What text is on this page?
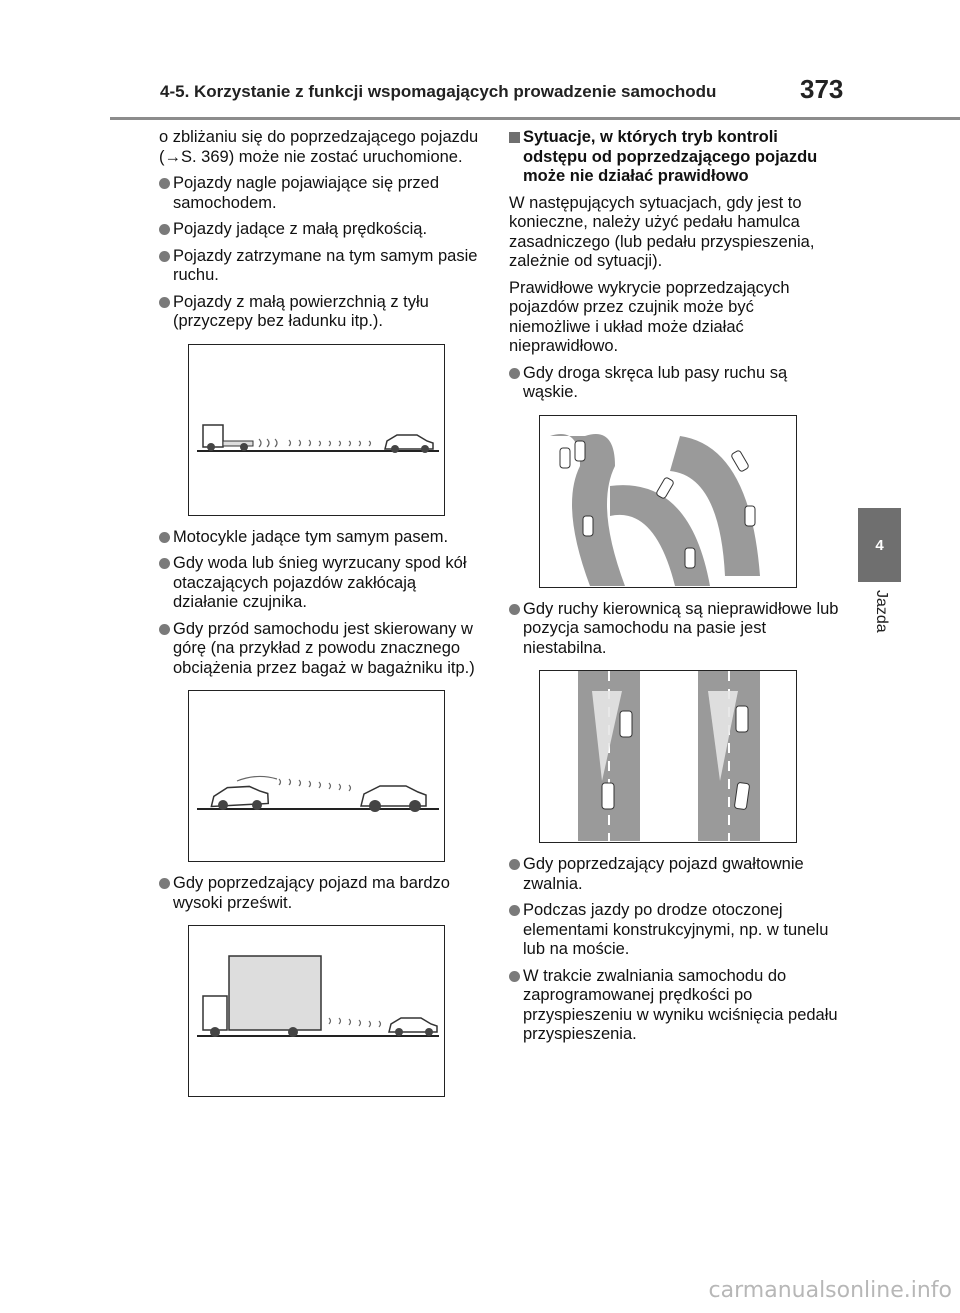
4-5. Korzystanie z funkcji wspomagających prowadzenie samochodu	373
4
Jazda

o zbliżaniu się do poprzedzającego pojazdu (→S. 369) może nie zostać uruchomione.

Pojazdy nagle pojawiające się przed samochodem.

Pojazdy jadące z małą prędkością.

Pojazdy zatrzymane na tym samym pasie ruchu.

Pojazdy z małą powierzchnią z tyłu (przyczepy bez ładunku itp.).

Motocykle jadące tym samym pasem.

Gdy woda lub śnieg wyrzucany spod kół otaczających pojazdów zakłócają działanie czujnika.

Gdy przód samochodu jest skierowany w górę (na przykład z powodu znacznego obciążenia przez bagaż w bagażniku itp.)

Gdy poprzedzający pojazd ma bardzo wysoki prześwit.

Sytuacje, w których tryb kontroli odstępu od poprzedzającego pojazdu może nie działać prawidłowo

W następujących sytuacjach, gdy jest to konieczne, należy użyć pedału hamulca zasadniczego (lub pedału przyspieszenia, zależnie od sytuacji).

Prawidłowe wykrycie poprzedzających pojazdów przez czujnik może być niemożliwe i układ może działać nieprawidłowo.

Gdy droga skręca lub pasy ruchu są wąskie.

Gdy ruchy kierownicą są nieprawidłowe lub pozycja samochodu na pasie jest niestabilna.

Gdy poprzedzający pojazd gwałtownie zwalnia.

Podczas jazdy po drodze otoczonej elementami konstrukcyjnymi, np. w tunelu lub na moście.

W trakcie zwalniania samochodu do zaprogramowanej prędkości po przyspieszeniu w wyniku wciśnięcia pedału przyspieszenia.

carmanualsonline.info
